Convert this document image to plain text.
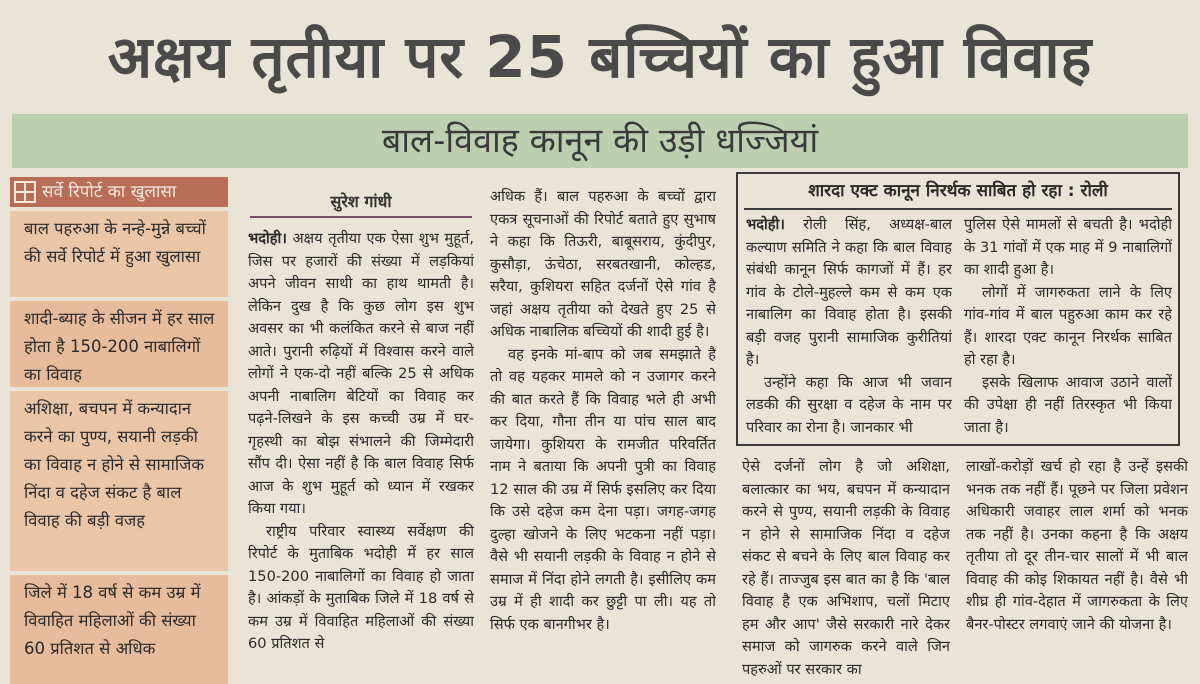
अक्षय तृतीया पर 25 बच्चियों का हुआ विवाह
बाल-विवाह कानून की उड़ी धज्जियां
सर्वे रिपोर्ट का खुलासा
बाल पहरुआ के नन्हे-मुन्ने बच्चों की सर्वे रिपोर्ट में हुआ खुलासा
शादी-ब्याह के सीजन में हर साल होता है 150-200 नाबालिगों का विवाह
अशिक्षा, बचपन में कन्यादान करने का पुण्य, सयानी लड़की का विवाह न होने से सामाजिक निंदा व दहेज संकट है बाल विवाह की बड़ी वजह
जिले में 18 वर्ष से कम उम्र में विवाहित महिलाओं की संख्या 60 प्रतिशत से अधिक
सुरेश गांधी

भदोही। अक्षय तृतीया एक ऐसा शुभ मुहूर्त, जिस पर हजारों की संख्या में लड़कियां अपने जीवन साथी का हाथ थामती है। लेकिन दुख है कि कुछ लोग इस शुभ अवसर का भी कलंकित करने से बाज नहीं आते। पुरानी रुढ़ियों में विश्वास करने वाले लोगों ने एक-दो नहीं बल्कि 25 से अधिक अपनी नाबालिग बेटियों का विवाह कर पढ़ने-लिखने के इस कच्ची उम्र में घर-गृहस्थी का बोझ संभालने की जिम्मेदारी सौंप दी। ऐसा नहीं है कि बाल विवाह सिर्फ आज के शुभ मुहूर्त को ध्यान में रखकर किया गया।

राष्ट्रीय परिवार स्वास्थ्य सर्वेक्षण की रिपोर्ट के मुताबिक भदोही में हर साल 150-200 नाबालिगों का विवाह हो जाता है। आंकड़ों के मुताबिक जिले में 18 वर्ष से कम उम्र में विवाहित महिलाओं की संख्या 60 प्रतिशत से

अधिक हैं। बाल पहरुआ के बच्चों द्वारा एकत्र सूचनाओं की रिपोर्ट बताते हुए सुभाष ने कहा कि तिऊरी, बाबूसराय, कुंदीपुर, कुसौड़ा, ऊंचेठा, सरबतखानी, कोल्हड, सरैया, कुशियरा सहित दर्जनों ऐसे गांव है जहां अक्षय तृतीया को देखते हुए 25 से अधिक नाबालिक बच्चियों की शादी हुई है।

वह इनके मां-बाप को जब समझाते है तो वह यहकर मामले को न उजागर करने की बात करते हैं कि विवाह भले ही अभी कर दिया, गौना तीन या पांच साल बाद जायेगा। कुशियरा के रामजीत परिवर्तित नाम ने बताया कि अपनी पुत्री का विवाह 12 साल की उम्र में सिर्फ इसलिए कर दिया कि उसे दहेज कम देना पड़ा। जगह-जगह दुल्हा खोजने के लिए भटकना नहीं पड़ा। वैसे भी सयानी लड़की के विवाह न होने से समाज में निंदा होने लगती है। इसीलिए कम उम्र में ही शादी कर छुट्टी पा ली। यह तो सिर्फ एक बानगीभर है।

ऐसे दर्जनों लोग है जो अशिक्षा, बलात्कार का भय, बचपन में कन्यादान करने से पुण्य, सयानी लड़की के विवाह न होने से सामाजिक निंदा व दहेज संकट से बचने के लिए बाल विवाह कर रहे हैं। ताज्जुब इस बात का है कि 'बाल विवाह है एक अभिशाप, चलों मिटाए हम और आप' जैसे सरकारी नारे देकर समाज को जागरुक करने वाले जिन पहरुओं पर सरकार का

लाखों-करोड़ों खर्च हो रहा है उन्हें इसकी भनक तक नहीं हैं। पूछने पर जिला प्रवेशन अधिकारी जवाहर लाल शर्मा को भनक तक नहीं है। उनका कहना है कि अक्षय तृतीया तो दूर तीन-चार सालों में भी बाल विवाह की कोइ शिकायत नहीं है। वैसे भी शीघ्र ही गांव-देहात में जागरुकता के लिए बैनर-पोस्टर लगवाएं जाने की योजना है।

शारदा एक्ट कानून निरर्थक साबित हो रहा : रोली

भदोही। रोली सिंह, अध्यक्ष-बाल कल्याण समिति ने कहा कि बाल विवाह संबंधी कानून सिर्फ कागजों में हैं। हर गांव के टोले-मुहल्ले कम से कम एक नाबालिग का विवाह होता है। इसकी बड़ी वजह पुरानी सामाजिक कुरीतियां है।

उन्होंने कहा कि आज भी जवान लडकी की सुरक्षा व दहेज के नाम पर परिवार का रोना है। जानकार भी

पुलिस ऐसे मामलों से बचती है। भदोही के 31 गांवों में एक माह में 9 नाबालिगों का शादी हुआ है।

लोगों में जागरुकता लाने के लिए गांव-गांव में बाल पहुरुआ काम कर रहे हैं। शारदा एक्ट कानून निरर्थक साबित हो रहा है।

इसके खिलाफ आवाज उठाने वालों की उपेक्षा ही नहीं तिरस्कृत भी किया जाता है।
